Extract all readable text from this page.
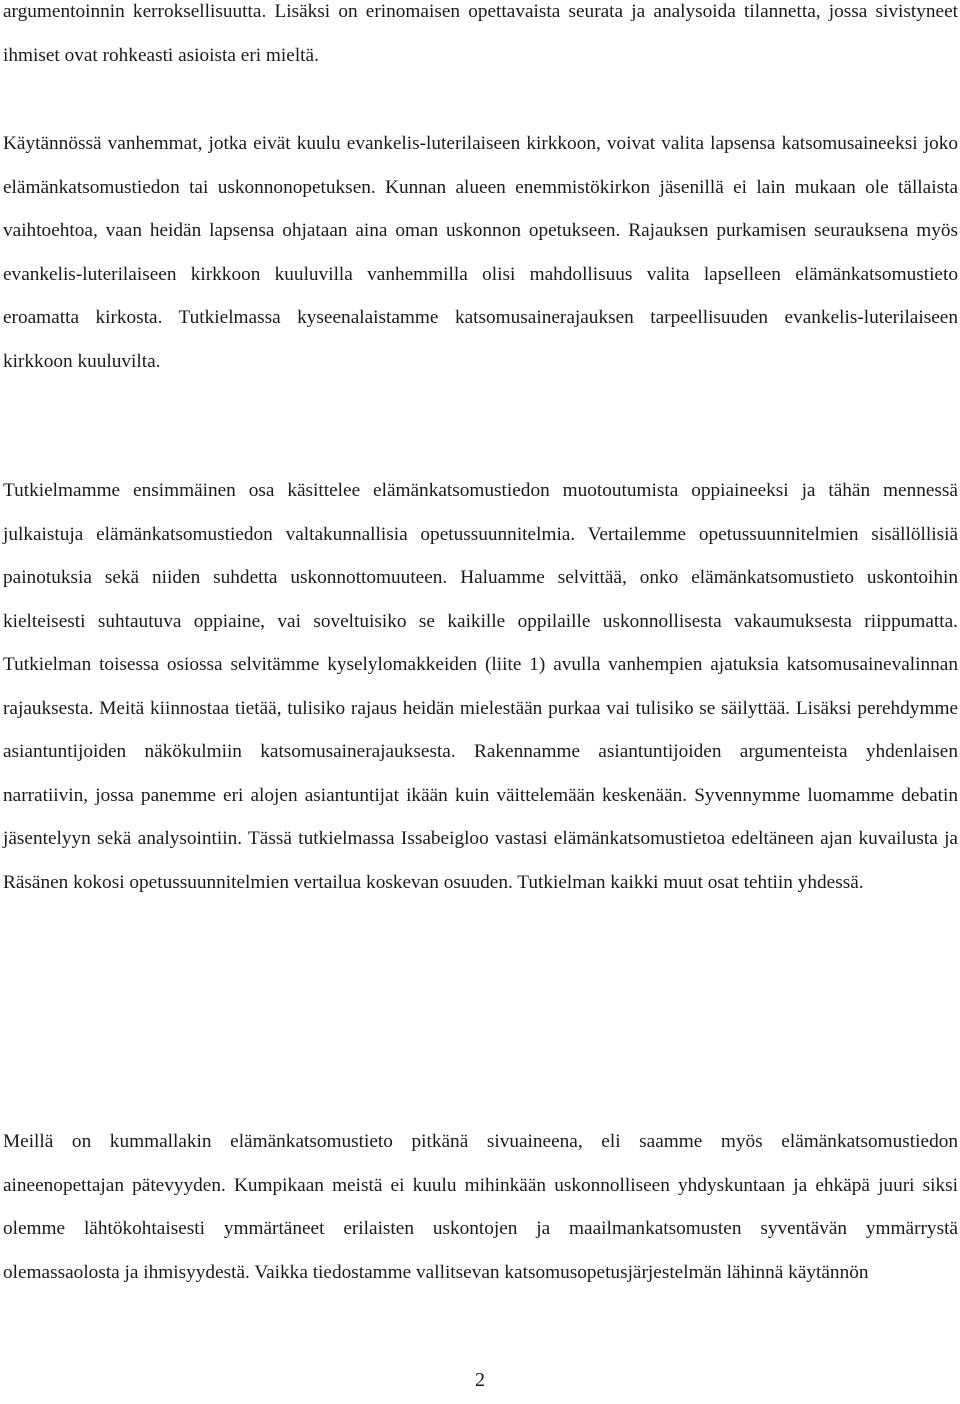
argumentoinnin kerroksellisuutta. Lisäksi on erinomaisen opettavaista seurata ja analysoida tilannetta, jossa sivistyneet ihmiset ovat rohkeasti asioista eri mieltä.

Käytännössä vanhemmat, jotka eivät kuulu evankelis-luterilaiseen kirkkoon, voivat valita lapsensa katsomusaineeksi joko elämänkatsomustiedon tai uskonnonopetuksen. Kunnan alueen enemmistökirkon jäsenillä ei lain mukaan ole tällaista vaihtoehtoa, vaan heidän lapsensa ohjataan aina oman uskonnon opetukseen. Rajauksen purkamisen seurauksena myös evankelis-luterilaiseen kirkkoon kuuluvilla vanhemmilla olisi mahdollisuus valita lapselleen elämänkatsomustieto eroamatta kirkosta. Tutkielmassa kyseenalaistamme katsomusainerajauksen tarpeellisuuden evankelis-luterilaiseen kirkkoon kuuluvilta.

Tutkielmamme ensimmäinen osa käsittelee elämänkatsomustiedon muotoutumista oppiaineeksi ja tähän mennessä julkaistuja elämänkatsomustiedon valtakunnallisia opetussuunnitelmia. Vertailemme opetussuunnitelmien sisällöllisiä painotuksia sekä niiden suhdetta uskonnottomuuteen. Haluamme selvittää, onko elämänkatsomustieto uskontoihin kielteisesti suhtautuva oppiaine, vai soveltuisiko se kaikille oppilaille uskonnollisesta vakaumuksesta riippumatta. Tutkielman toisessa osiossa selvitämme kyselylomakkeiden (liite 1) avulla vanhempien ajatuksia katsomusainevalinnan rajauksesta. Meitä kiinnostaa tietää, tulisiko rajaus heidän mielestään purkaa vai tulisiko se säilyttää. Lisäksi perehdymme asiantuntijoiden näkökulmiin katsomusainerajauksesta. Rakennamme asiantuntijoiden argumenteista yhdenlaisen narratiivin, jossa panemme eri alojen asiantuntijat ikään kuin väittelemään keskenään. Syvennymme luomamme debatin jäsentelyyn sekä analysointiin. Tässä tutkielmassa Issabeigloo vastasi elämänkatsomustietoa edeltäneen ajan kuvailusta ja Räsänen kokosi opetussuunnitelmien vertailua koskevan osuuden. Tutkielman kaikki muut osat tehtiin yhdessä.

Meillä on kummallakin elämänkatsomustieto pitkänä sivuaineena, eli saamme myös elämänkatsomustiedon aineenopettajan pätevyyden. Kumpikaan meistä ei kuulu mihinkään uskonnolliseen yhdyskuntaan ja ehkäpä juuri siksi olemme lähtökohtaisesti ymmärtäneet erilaisten uskontojen ja maailmankatsomusten syventävän ymmärrystä olemassaolosta ja ihmisyydestä. Vaikka tiedostamme vallitsevan katsomusopetusjärjestelmän lähinnä käytännön

2
